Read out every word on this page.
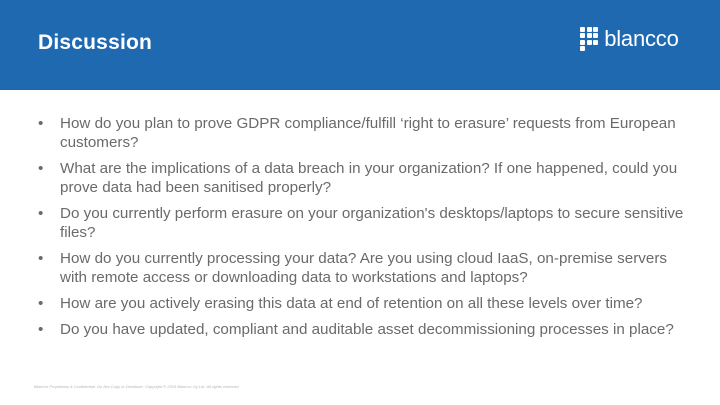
Discussion	blancco
• How do you plan to prove GDPR compliance/fulfill ‘right to erasure’ requests from European customers?
• What are the implications of a data breach in your organization? If one happened, could you prove data had been sanitised properly?
• Do you currently perform erasure on your organization's desktops/laptops to secure sensitive files?
• How do you currently processing your data? Are you using cloud IaaS, on-premise servers with remote access or downloading data to workstations and laptops?
• How are you actively erasing this data at end of retention on all these levels over time?
• Do you have updated, compliant and auditable asset decommissioning processes in place?
Blancco Proprietary & Confidential. Do Not Copy or Distribute. Copyright © 2016 Blancco Oy Ltd. All rights reserved.
